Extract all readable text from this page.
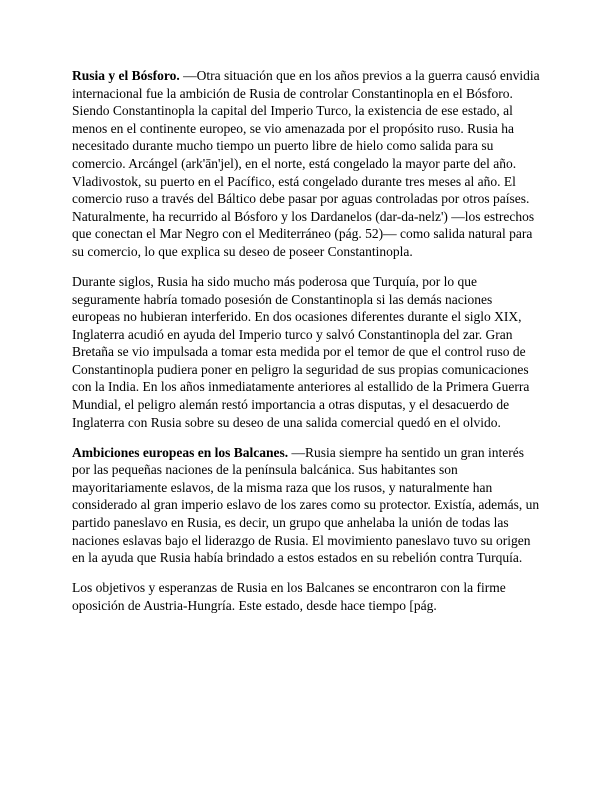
Rusia y el Bósforo. —Otra situación que en los años previos a la guerra causó envidia internacional fue la ambición de Rusia de controlar Constantinopla en el Bósforo. Siendo Constantinopla la capital del Imperio Turco, la existencia de ese estado, al menos en el continente europeo, se vio amenazada por el propósito ruso. Rusia ha necesitado durante mucho tiempo un puerto libre de hielo como salida para su comercio. Arcángel (ark'ān'jel), en el norte, está congelado la mayor parte del año. Vladivostok, su puerto en el Pacífico, está congelado durante tres meses al año. El comercio ruso a través del Báltico debe pasar por aguas controladas por otros países. Naturalmente, ha recurrido al Bósforo y los Dardanelos (dar-da-nelz') —los estrechos que conectan el Mar Negro con el Mediterráneo (pág. 52)— como salida natural para su comercio, lo que explica su deseo de poseer Constantinopla.

Durante siglos, Rusia ha sido mucho más poderosa que Turquía, por lo que seguramente habría tomado posesión de Constantinopla si las demás naciones europeas no hubieran interferido. En dos ocasiones diferentes durante el siglo XIX, Inglaterra acudió en ayuda del Imperio turco y salvó Constantinopla del zar. Gran Bretaña se vio impulsada a tomar esta medida por el temor de que el control ruso de Constantinopla pudiera poner en peligro la seguridad de sus propias comunicaciones con la India. En los años inmediatamente anteriores al estallido de la Primera Guerra Mundial, el peligro alemán restó importancia a otras disputas, y el desacuerdo de Inglaterra con Rusia sobre su deseo de una salida comercial quedó en el olvido.

Ambiciones europeas en los Balcanes. —Rusia siempre ha sentido un gran interés por las pequeñas naciones de la península balcánica. Sus habitantes son mayoritariamente eslavos, de la misma raza que los rusos, y naturalmente han considerado al gran imperio eslavo de los zares como su protector. Existía, además, un partido paneslavo en Rusia, es decir, un grupo que anhelaba la unión de todas las naciones eslavas bajo el liderazgo de Rusia. El movimiento paneslavo tuvo su origen en la ayuda que Rusia había brindado a estos estados en su rebelión contra Turquía.

Los objetivos y esperanzas de Rusia en los Balcanes se encontraron con la firme oposición de Austria-Hungría. Este estado, desde hace tiempo [pág.
